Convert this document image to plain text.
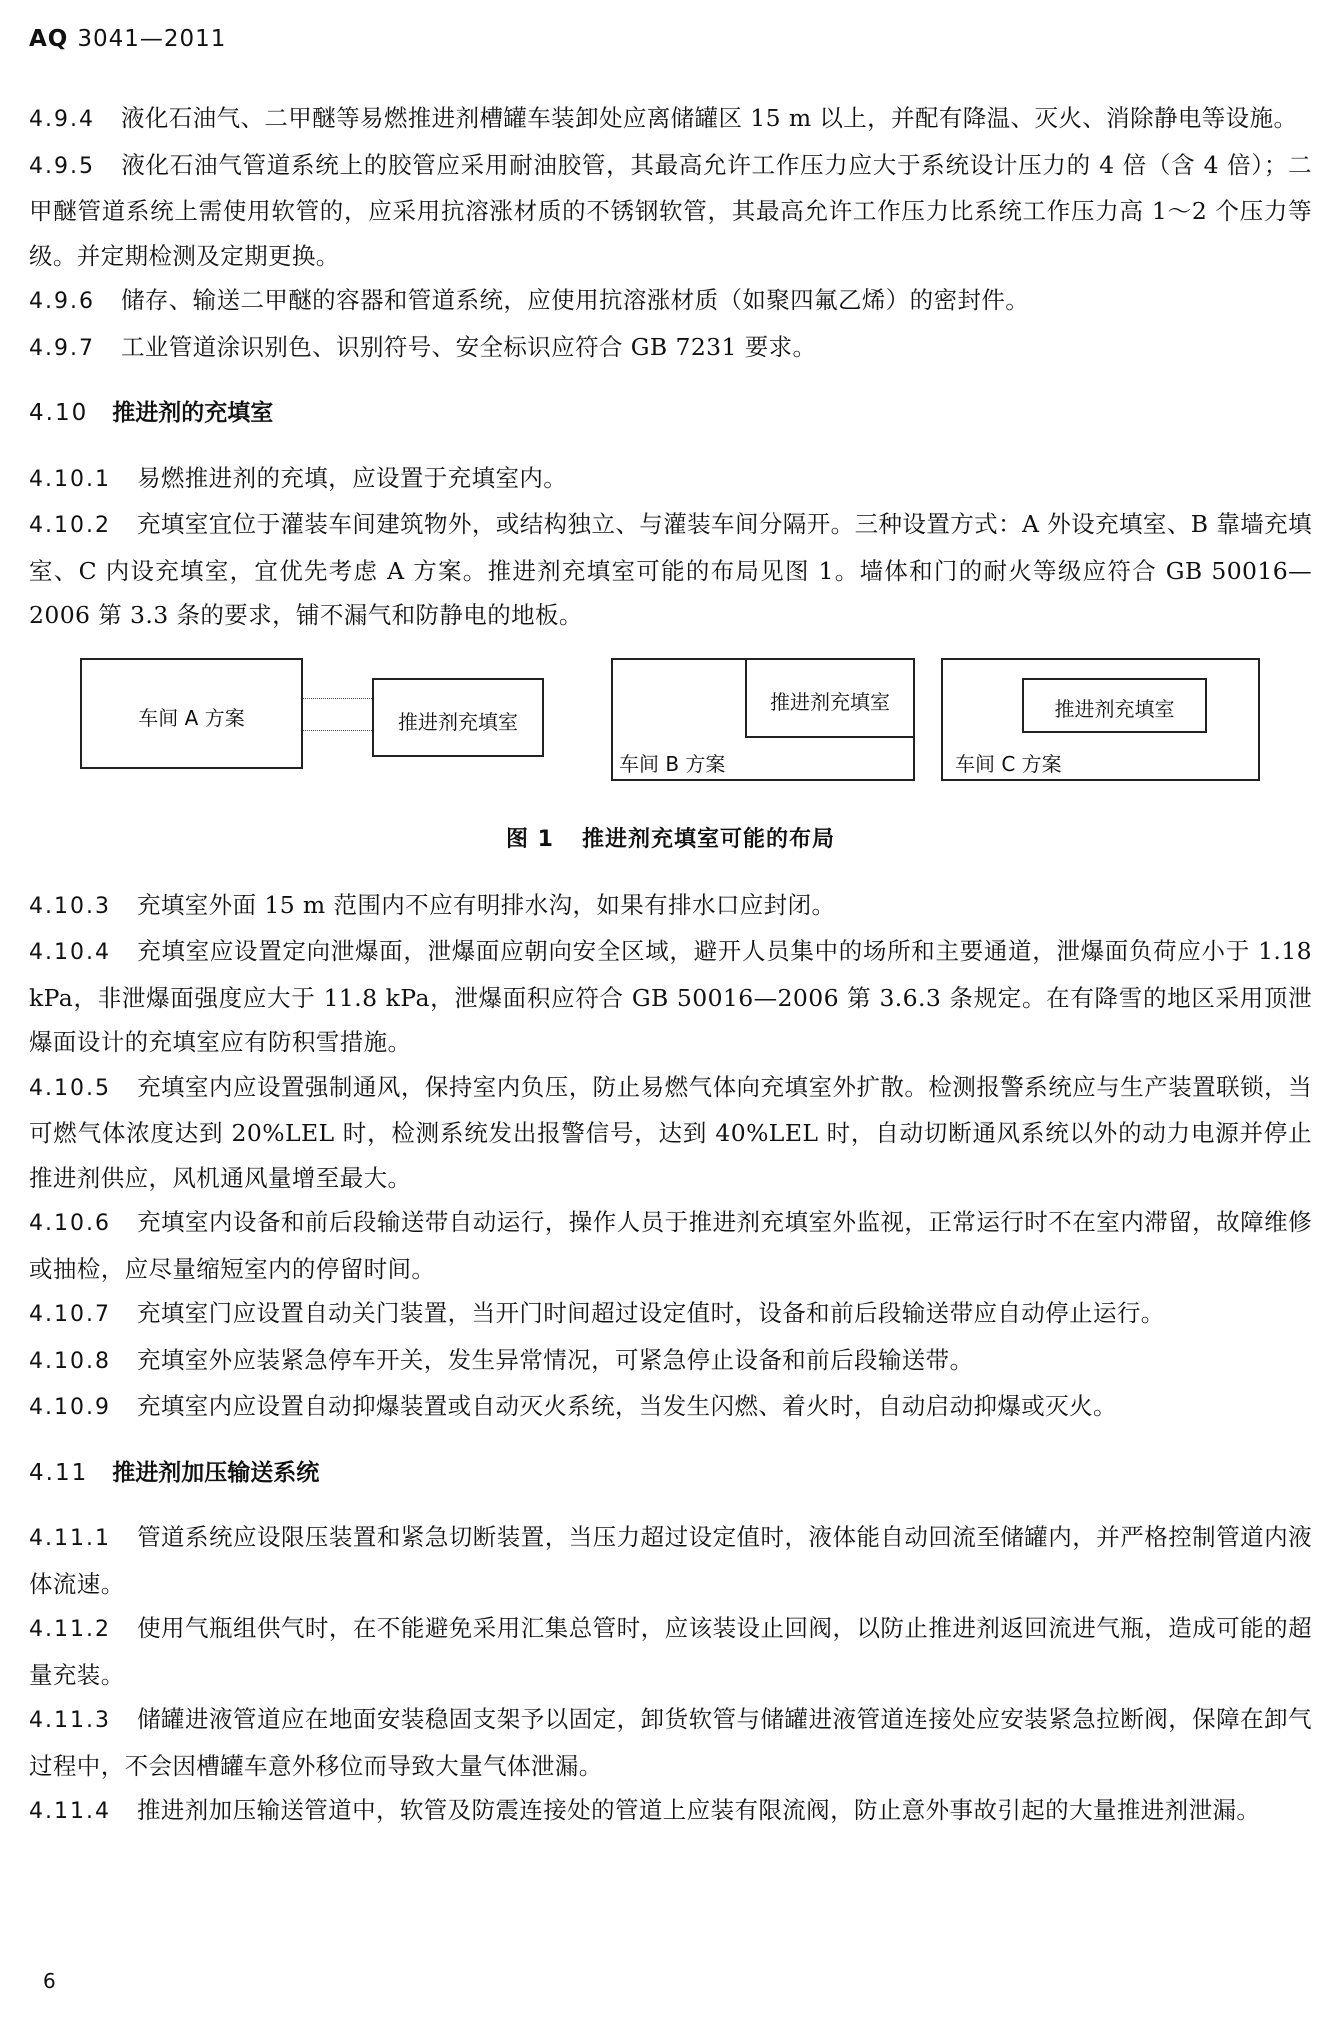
AQ 3041—2011
4.9.4 液化石油气、二甲醚等易燃推进剂槽罐车装卸处应离储罐区 15 m 以上，并配有降温、灭火、消除静电等设施。
4.9.5 液化石油气管道系统上的胶管应采用耐油胶管，其最高允许工作压力应大于系统设计压力的 4 倍（含 4 倍）；二甲醚管道系统上需使用软管的，应采用抗溶涨材质的不锈钢软管，其最高允许工作压力比系统工作压力高 1～2 个压力等级。并定期检测及定期更换。
4.9.6 储存、输送二甲醚的容器和管道系统，应使用抗溶涨材质（如聚四氟乙烯）的密封件。
4.9.7 工业管道涂识别色、识别符号、安全标识应符合 GB 7231 要求。
4.10 推进剂的充填室
4.10.1 易燃推进剂的充填，应设置于充填室内。
4.10.2 充填室宜位于灌装车间建筑物外，或结构独立、与灌装车间分隔开。三种设置方式：A 外设充填室、B 靠墙充填室、C 内设充填室，宜优先考虑 A 方案。推进剂充填室可能的布局见图 1。墙体和门的耐火等级应符合 GB 50016—2006 第 3.3 条的要求，铺不漏气和防静电的地板。
车间 A 方案	推进剂充填室
车间 B 方案
推进剂充填室
车间 C 方案
推进剂充填室
图 1 推进剂充填室可能的布局
4.10.3 充填室外面 15 m 范围内不应有明排水沟，如果有排水口应封闭。
4.10.4 充填室应设置定向泄爆面，泄爆面应朝向安全区域，避开人员集中的场所和主要通道，泄爆面负荷应小于 1.18 kPa，非泄爆面强度应大于 11.8 kPa，泄爆面积应符合 GB 50016—2006 第 3.6.3 条规定。在有降雪的地区采用顶泄爆面设计的充填室应有防积雪措施。
4.10.5 充填室内应设置强制通风，保持室内负压，防止易燃气体向充填室外扩散。检测报警系统应与生产装置联锁，当可燃气体浓度达到 20%LEL 时，检测系统发出报警信号，达到 40%LEL 时，自动切断通风系统以外的动力电源并停止推进剂供应，风机通风量增至最大。
4.10.6 充填室内设备和前后段输送带自动运行，操作人员于推进剂充填室外监视，正常运行时不在室内滞留，故障维修或抽检，应尽量缩短室内的停留时间。
4.10.7 充填室门应设置自动关门装置，当开门时间超过设定值时，设备和前后段输送带应自动停止运行。
4.10.8 充填室外应装紧急停车开关，发生异常情况，可紧急停止设备和前后段输送带。
4.10.9 充填室内应设置自动抑爆装置或自动灭火系统，当发生闪燃、着火时，自动启动抑爆或灭火。
4.11 推进剂加压输送系统
4.11.1 管道系统应设限压装置和紧急切断装置，当压力超过设定值时，液体能自动回流至储罐内，并严格控制管道内液体流速。
4.11.2 使用气瓶组供气时，在不能避免采用汇集总管时，应该装设止回阀，以防止推进剂返回流进气瓶，造成可能的超量充装。
4.11.3 储罐进液管道应在地面安装稳固支架予以固定，卸货软管与储罐进液管道连接处应安装紧急拉断阀，保障在卸气过程中，不会因槽罐车意外移位而导致大量气体泄漏。
4.11.4 推进剂加压输送管道中，软管及防震连接处的管道上应装有限流阀，防止意外事故引起的大量推进剂泄漏。
6
